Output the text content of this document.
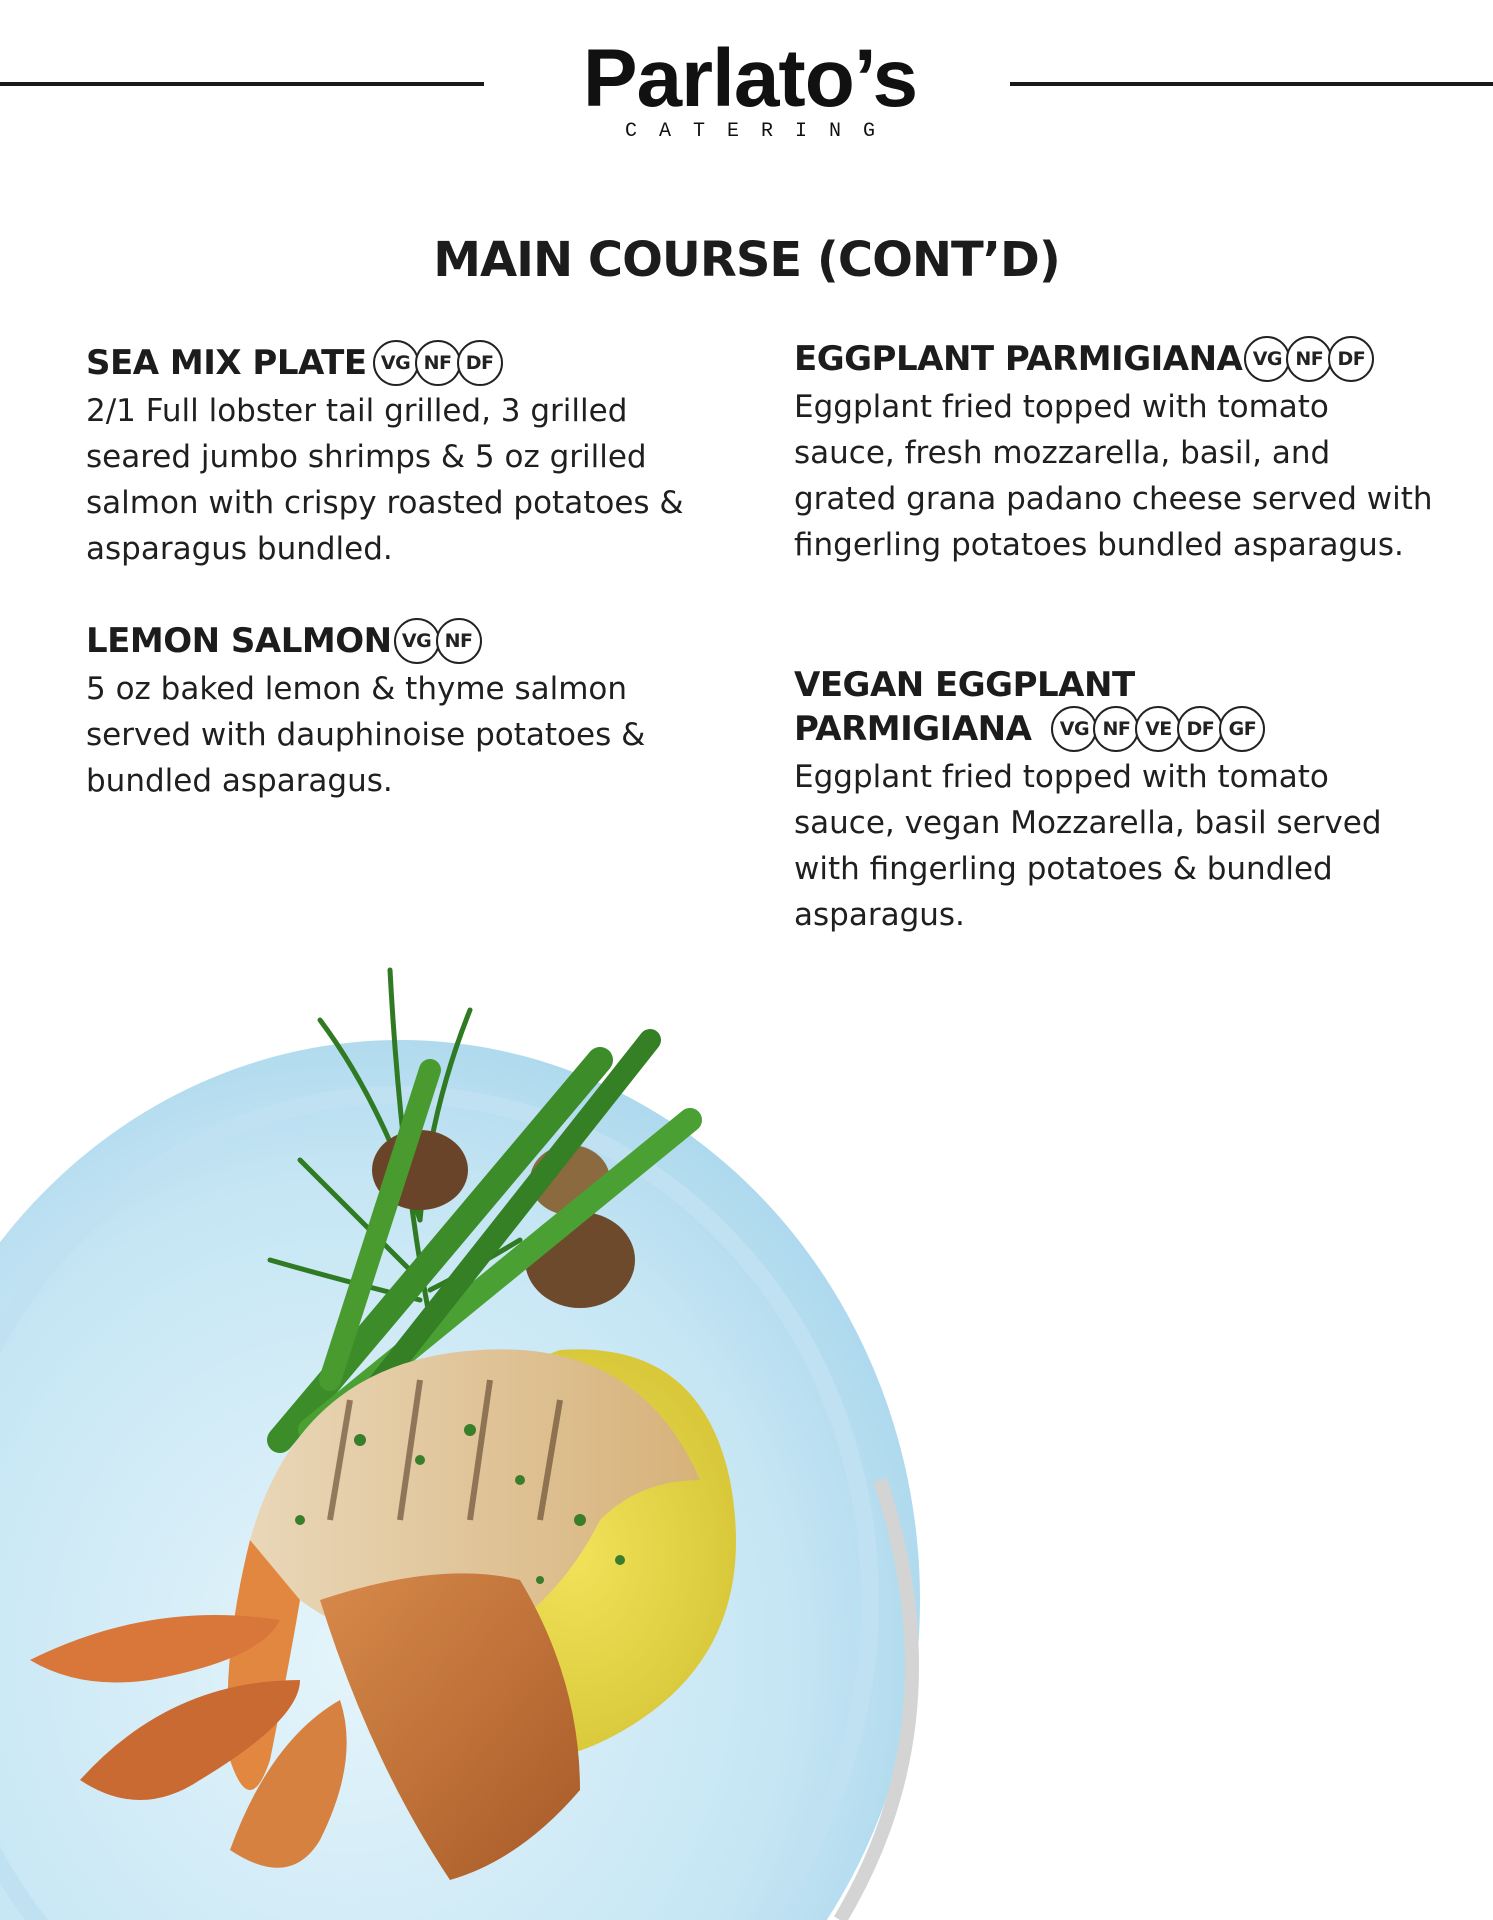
Parlato’s
CATERING
MAIN COURSE (CONT’D)
SEA MIX PLATE VG NF DF

2/1 Full lobster tail grilled, 3 grilled seared jumbo shrimps & 5 oz grilled salmon with crispy roasted potatoes & asparagus bundled.

LEMON SALMON VG NF

5 oz baked lemon & thyme salmon served with dauphinoise potatoes & bundled asparagus.

EGGPLANT PARMIGIANA VG NF DF

Eggplant fried topped with tomato sauce, fresh mozzarella, basil, and grated grana padano cheese served with fingerling potatoes bundled asparagus.

VEGAN EGGPLANT
PARMIGIANA	VG NF VE DF GF

Eggplant fried topped with tomato sauce, vegan Mozzarella, basil served with fingerling potatoes & bundled asparagus.
